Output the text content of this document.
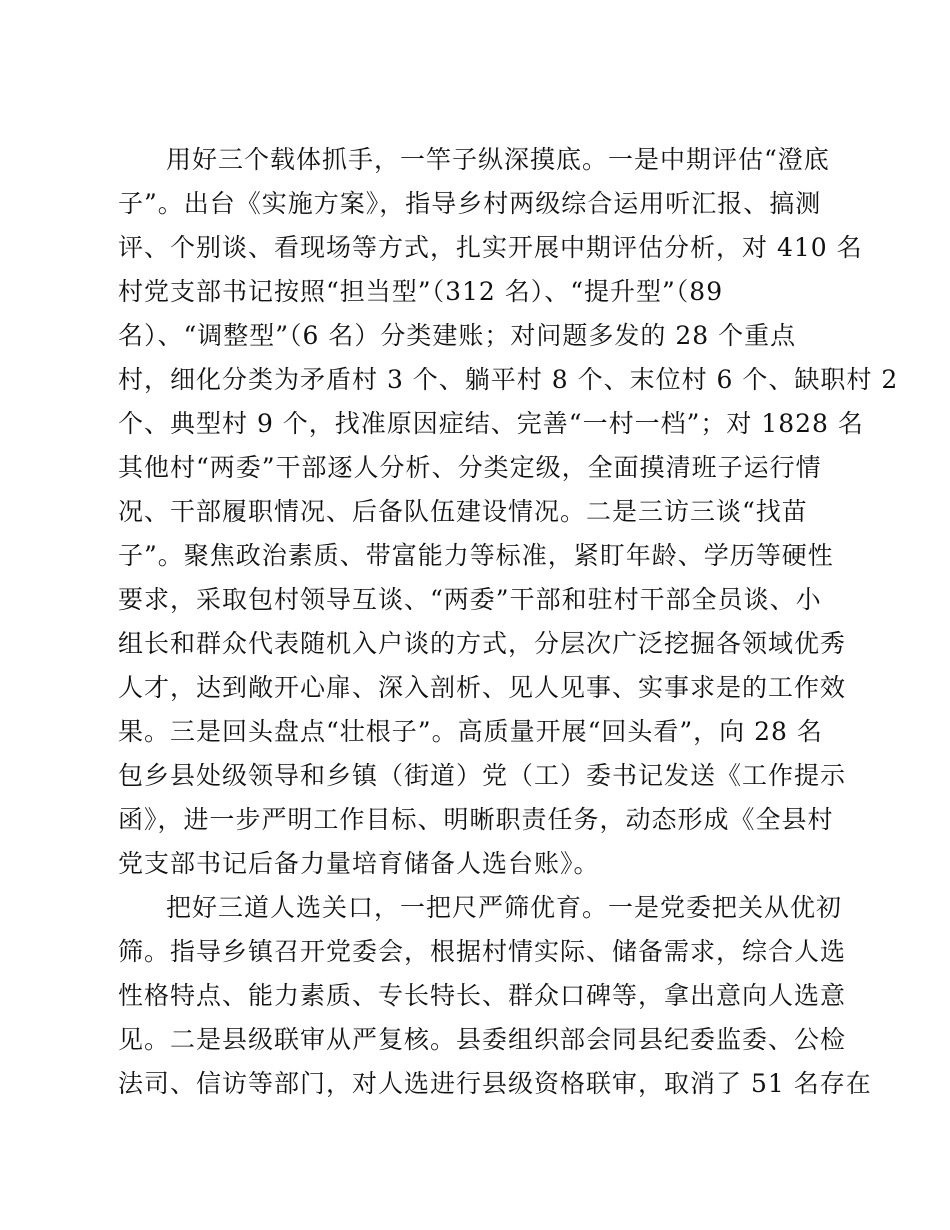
用好三个载体抓手，一竿子纵深摸底。一是中期评估“澄底
子”。出台《实施方案》，指导乡村两级综合运用听汇报、搞测
评、个别谈、看现场等方式，扎实开展中期评估分析，对 410 名
村党支部书记按照“担当型”（312 名）、“提升型”（89
名）、“调整型”（6 名）分类建账；对问题多发的 28 个重点
村，细化分类为矛盾村 3 个、躺平村 8 个、末位村 6 个、缺职村 2
个、典型村 9 个，找准原因症结、完善“一村一档”；对 1828 名
其他村“两委”干部逐人分析、分类定级，全面摸清班子运行情
况、干部履职情况、后备队伍建设情况。二是三访三谈“找苗
子”。聚焦政治素质、带富能力等标准，紧盯年龄、学历等硬性
要求，采取包村领导互谈、“两委”干部和驻村干部全员谈、小
组长和群众代表随机入户谈的方式，分层次广泛挖掘各领域优秀
人才，达到敞开心扉、深入剖析、见人见事、实事求是的工作效
果。三是回头盘点“壮根子”。高质量开展“回头看”，向 28 名
包乡县处级领导和乡镇（街道）党（工）委书记发送《工作提示
函》，进一步严明工作目标、明晰职责任务，动态形成《全县村
党支部书记后备力量培育储备人选台账》。
把好三道人选关口，一把尺严筛优育。一是党委把关从优初
筛。指导乡镇召开党委会，根据村情实际、储备需求，综合人选
性格特点、能力素质、专长特长、群众口碑等，拿出意向人选意
见。二是县级联审从严复核。县委组织部会同县纪委监委、公检
法司、信访等部门，对人选进行县级资格联审，取消了 51 名存在
